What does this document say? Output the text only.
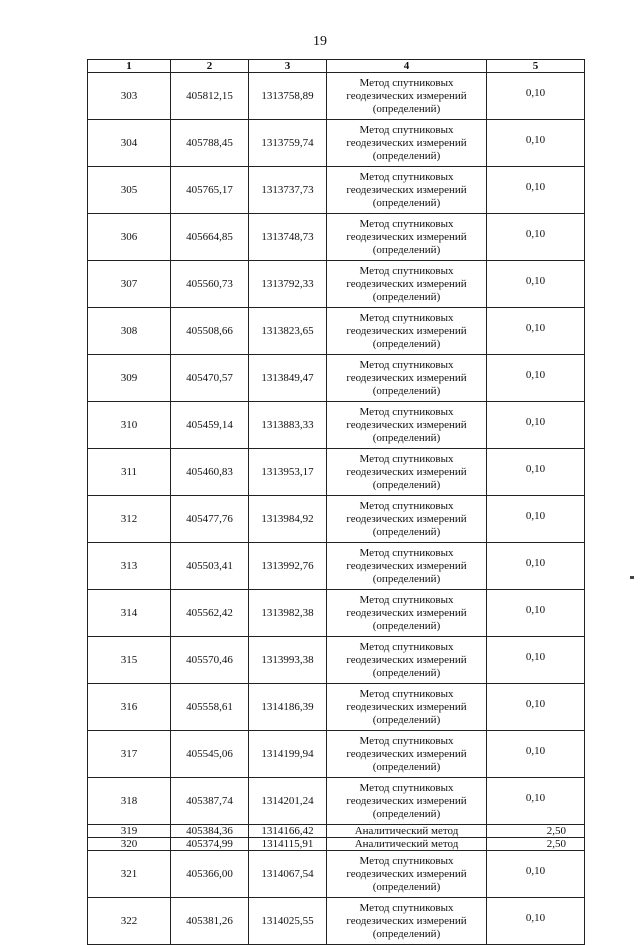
19
1	2	3	4	5
303	405812,15	1313758,89	Метод спутниковых
геодезических измерений
(определений)	0,10
304	405788,45	1313759,74	Метод спутниковых
геодезических измерений
(определений)	0,10
305	405765,17	1313737,73	Метод спутниковых
геодезических измерений
(определений)	0,10
306	405664,85	1313748,73	Метод спутниковых
геодезических измерений
(определений)	0,10
307	405560,73	1313792,33	Метод спутниковых
геодезических измерений
(определений)	0,10
308	405508,66	1313823,65	Метод спутниковых
геодезических измерений
(определений)	0,10
309	405470,57	1313849,47	Метод спутниковых
геодезических измерений
(определений)	0,10
310	405459,14	1313883,33	Метод спутниковых
геодезических измерений
(определений)	0,10
311	405460,83	1313953,17	Метод спутниковых
геодезических измерений
(определений)	0,10
312	405477,76	1313984,92	Метод спутниковых
геодезических измерений
(определений)	0,10
313	405503,41	1313992,76	Метод спутниковых
геодезических измерений
(определений)	0,10
314	405562,42	1313982,38	Метод спутниковых
геодезических измерений
(определений)	0,10
315	405570,46	1313993,38	Метод спутниковых
геодезических измерений
(определений)	0,10
316	405558,61	1314186,39	Метод спутниковых
геодезических измерений
(определений)	0,10
317	405545,06	1314199,94	Метод спутниковых
геодезических измерений
(определений)	0,10
318	405387,74	1314201,24	Метод спутниковых
геодезических измерений
(определений)	0,10
319	405384,36	1314166,42	Аналитический метод	2,50
320	405374,99	1314115,91	Аналитический метод	2,50
321	405366,00	1314067,54	Метод спутниковых
геодезических измерений
(определений)	0,10
322	405381,26	1314025,55	Метод спутниковых
геодезических измерений
(определений)	0,10
